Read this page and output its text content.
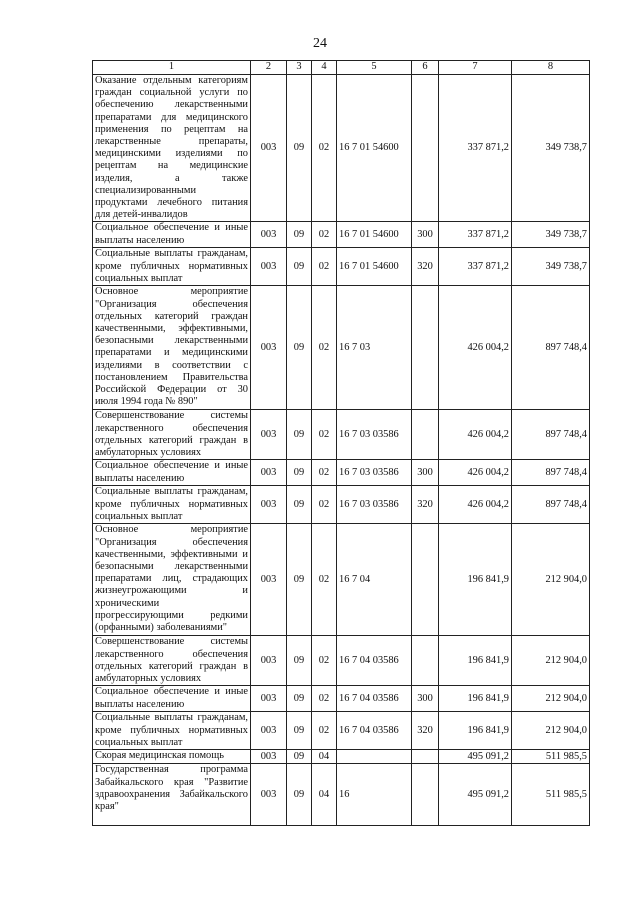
24
1	2	3	4	5	6	7	8
Оказание отдельным категориям граждан социальной услуги по обеспечению лекарственными препаратами для медицинского применения по рецептам на лекарственные препараты, медицинскими изделиями по рецептам на медицинские изделия, а также специализированными продуктами лечебного питания для детей-инвалидов	003	09	02	16 7 01 54600		337 871,2	349 738,7
Социальное обеспечение и иные выплаты населению	003	09	02	16 7 01 54600	300	337 871,2	349 738,7
Социальные выплаты гражданам, кроме публичных нормативных социальных выплат	003	09	02	16 7 01 54600	320	337 871,2	349 738,7
Основное мероприятие "Организация обеспечения отдельных категорий граждан качественными, эффективными, безопасными лекарственными препаратами и медицинскими изделиями в соответствии с постановлением Правительства Российской Федерации от 30 июля 1994 года № 890"	003	09	02	16 7 03		426 004,2	897 748,4
Совершенствование системы лекарственного обеспечения отдельных категорий граждан в амбулаторных условиях	003	09	02	16 7 03 03586		426 004,2	897 748,4
Социальное обеспечение и иные выплаты населению	003	09	02	16 7 03 03586	300	426 004,2	897 748,4
Социальные выплаты гражданам, кроме публичных нормативных социальных выплат	003	09	02	16 7 03 03586	320	426 004,2	897 748,4
Основное мероприятие "Организация обеспечения качественными, эффективными и безопасными лекарственными препаратами лиц, страдающих жизнеугрожающими и хроническими прогрессирующими редкими (орфанными) заболеваниями"	003	09	02	16 7 04		196 841,9	212 904,0
Совершенствование системы лекарственного обеспечения отдельных категорий граждан в амбулаторных условиях	003	09	02	16 7 04 03586		196 841,9	212 904,0
Социальное обеспечение и иные выплаты населению	003	09	02	16 7 04 03586	300	196 841,9	212 904,0
Социальные выплаты гражданам, кроме публичных нормативных социальных выплат	003	09	02	16 7 04 03586	320	196 841,9	212 904,0
Скорая медицинская помощь	003	09	04			495 091,2	511 985,5
Государственная программа Забайкальского края "Развитие здравоохранения Забайкальского края"	003	09	04	16		495 091,2	511 985,5
